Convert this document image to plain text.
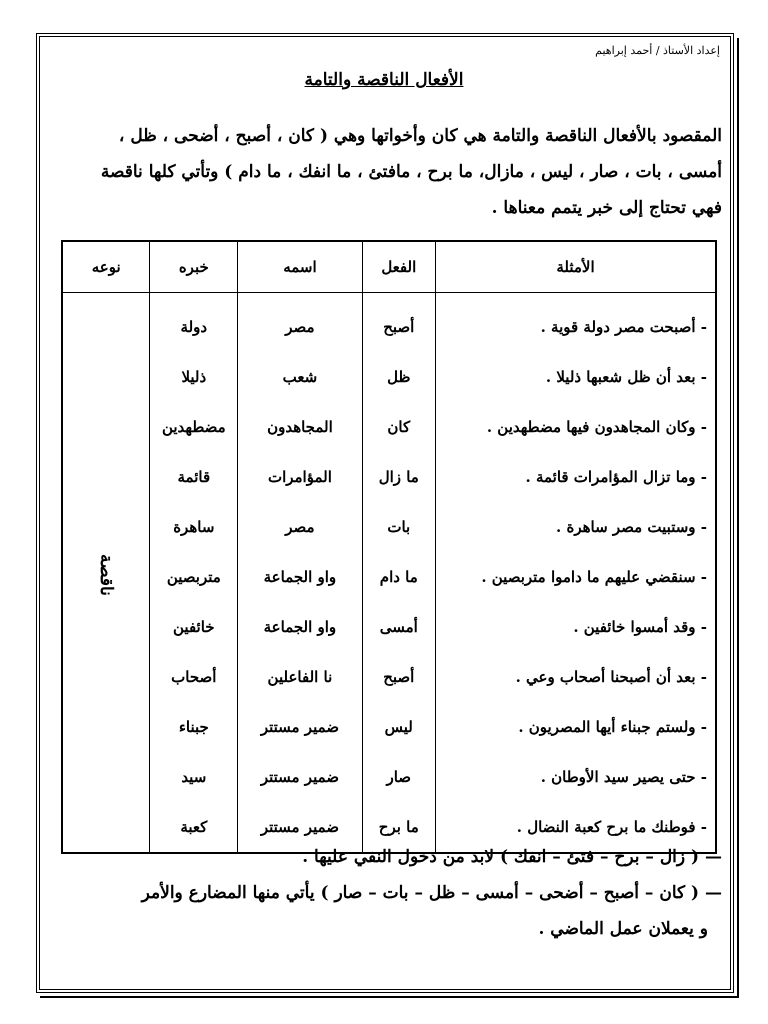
إعداد الأستاذ / أحمد إبراهيم
الأفعال الناقصة والتامة

المقصود بالأفعال الناقصة والتامة هي كان وأخواتها وهي ( كان ، أصبح ، أضحى ، ظل ،

أمسى ، بات ، صار ، ليس ، مازال، ما برح ، مافتئ ، ما انفك ، ما دام ) وتأتي كلها ناقصة

فهي تحتاج إلى خبر يتمم معناها .

الأمثلة	الفعل	اسمه	خبره	نوعه
- أصبحت مصر دولة قوية .	أصبح	مصر	دولة	ناقصة
- بعد أن ظل شعبها ذليلا .	ظل	شعب	ذليلا	
- وكان المجاهدون فيها مضطهدين .	كان	المجاهدون	مضطهدين	
- وما تزال المؤامرات قائمة .	ما زال	المؤامرات	قائمة	
- وستبيت مصر ساهرة .	بات	مصر	ساهرة	
- سنقضي عليهم ما داموا متربصين .	ما دام	واو الجماعة	متربصين	
- وقد أمسوا خائفين .	أمسى	واو الجماعة	خائفين	
- بعد أن أصبحنا أصحاب وعي .	أصبح	نا الفاعلين	أصحاب	
- ولستم جبناء أيها المصريون .	ليس	ضمير مستتر	جبناء	
- حتى يصير سيد الأوطان .	صار	ضمير مستتر	سيد	
- فوطنك ما برح كعبة النضال .	ما برح	ضمير مستتر	كعبة	

— ( زال – برح – فتئ – انفك ) لابد من دخول النفي عليها .

— ( كان – أصبح – أضحى – أمسى – ظل – بات – صار ) يأتي منها المضارع والأمر

و يعملان عمل الماضي .
